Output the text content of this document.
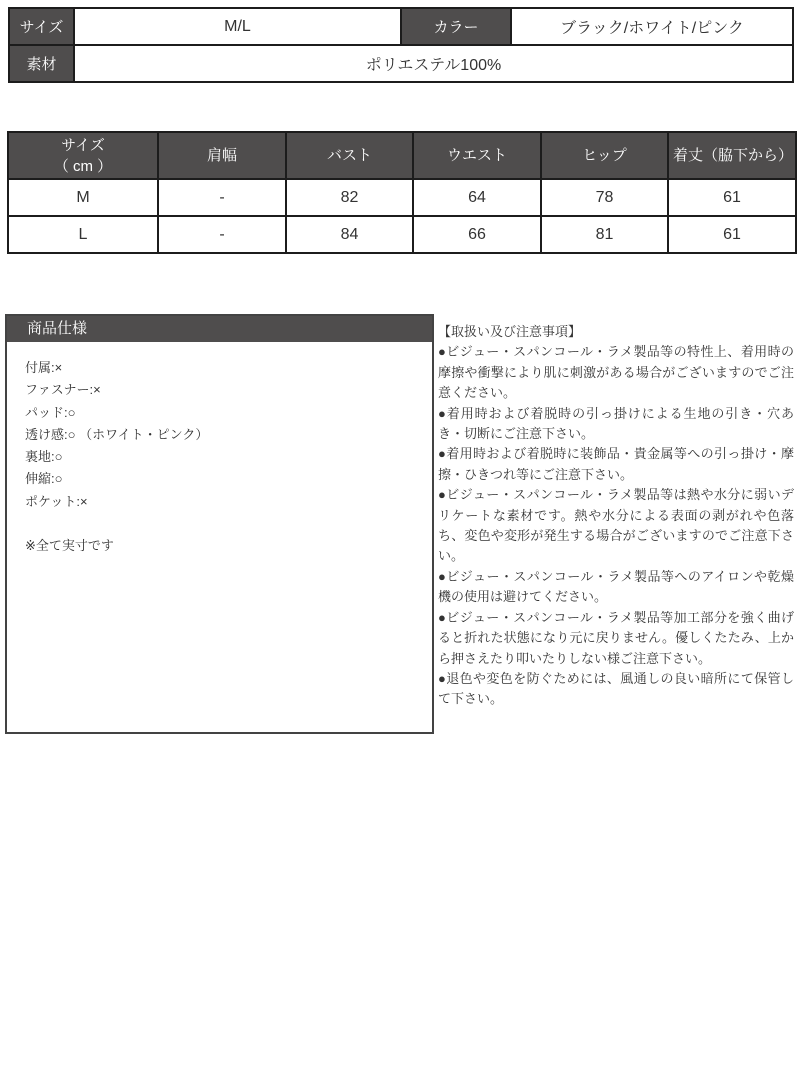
サイズ	M/L	カラー	ブラック/ホワイト/ピンク
素材	ポリエステル100%		
サイズ
（ cm ）	肩幅	バスト	ウエスト	ヒップ	着丈（脇下から）
M	-	82	64	78	61
L	-	84	66	81	61
商品仕様
付属:×
ファスナー:×
パッド:○
透け感:○ （ホワイト・ピンク）
裏地:○
伸縮:○
ポケット:×
※全て実寸です

【取扱い及び注意事項】

●ビジュー・スパンコール・ラメ製品等の特性上、着用時の摩擦や衝撃により肌に刺激がある場合がございますのでご注意ください。

●着用時および着脱時の引っ掛けによる生地の引き・穴あき・切断にご注意下さい。

●着用時および着脱時に装飾品・貴金属等への引っ掛け・摩擦・ひきつれ等にご注意下さい。

●ビジュー・スパンコール・ラメ製品等は熱や水分に弱いデリケートな素材です。熱や水分による表面の剥がれや色落ち、変色や変形が発生する場合がございますのでご注意下さい。

●ビジュー・スパンコール・ラメ製品等へのアイロンや乾燥機の使用は避けてください。

●ビジュー・スパンコール・ラメ製品等加工部分を強く曲げると折れた状態になり元に戻りません。優しくたたみ、上から押さえたり叩いたりしない様ご注意下さい。

●退色や変色を防ぐためには、風通しの良い暗所にて保管して下さい。
